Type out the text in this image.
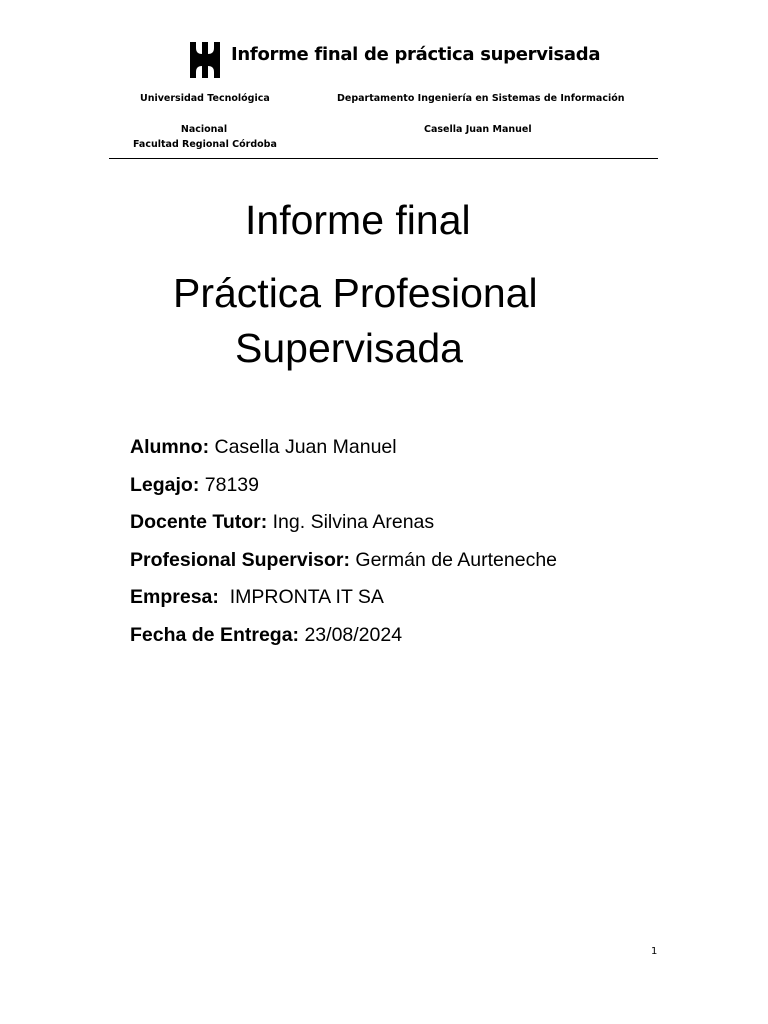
Informe final de práctica supervisada
Universidad Tecnológica
Nacional
Facultad Regional Córdoba
Departamento Ingeniería en Sistemas de Información
Casella Juan Manuel
Informe final
Práctica Profesional
Supervisada
Alumno: Casella Juan Manuel
Legajo: 78139
Docente Tutor: Ing. Silvina Arenas
Profesional Supervisor: Germán de Aurteneche
Empresa:  IMPRONTA IT SA
Fecha de Entrega: 23/08/2024
1
